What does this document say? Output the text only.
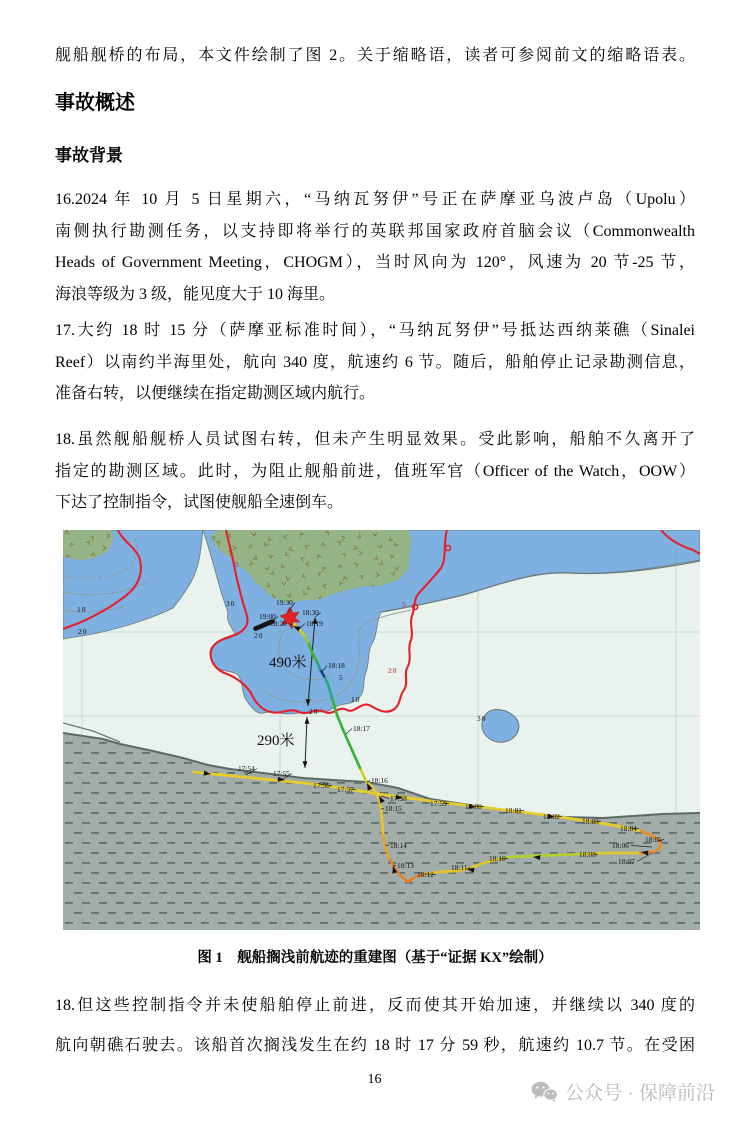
舰船舰桥的布局，本文件绘制了图 2。关于缩略语，读者可参阅前文的缩略语表。
事故概述
事故背景
16.2024 年 10 月 5 日星期六，“马纳瓦努伊”号正在萨摩亚乌波卢岛（Upolu）
南侧执行勘测任务，以支持即将举行的英联邦国家政府首脑会议（Commonwealth
Heads of Government Meeting，CHOGM），当时风向为 120°，风速为 20 节-25 节，
海浪等级为 3 级，能见度大于 10 海里。
17.大约 18 时 15 分（萨摩亚标准时间），“马纳瓦努伊”号抵达西纳莱礁（Sinalei
Reef）以南约半海里处，航向 340 度，航速约 6 节。随后，船舶停止记录勘测信息，
准备右转，以便继续在指定勘测区域内航行。
18.虽然舰船舰桥人员试图右转，但未产生明显效果。受此影响，船舶不久离开了
指定的勘测区域。此时，为阻止舰船前进，值班军官（Officer of the Watch，OOW）
下达了控制指令，试图使舰船全速倒车。
17:54
17:55
17:56 17:57
17:58
17:59 18:00	18:01
18:02
18:03
18:04
18:05
18:06
18:07
18:08
18:10
18:11
18:12
18:13
18:14
18:15
18:16
18:17
18:18
18:19
18:20
18:30
19:00
19:30
10
20
5
30
20
5
20
5
10
20
30
490米
290米
图 1　舰船搁浅前航迹的重建图（基于“证据 KX”绘制）
18.但这些控制指令并未使船舶停止前进，反而使其开始加速，并继续以 340 度的
航向朝礁石驶去。该船首次搁浅发生在约 18 时 17 分 59 秒，航速约 10.7 节。在受困
16
公众号 · 保障前沿
